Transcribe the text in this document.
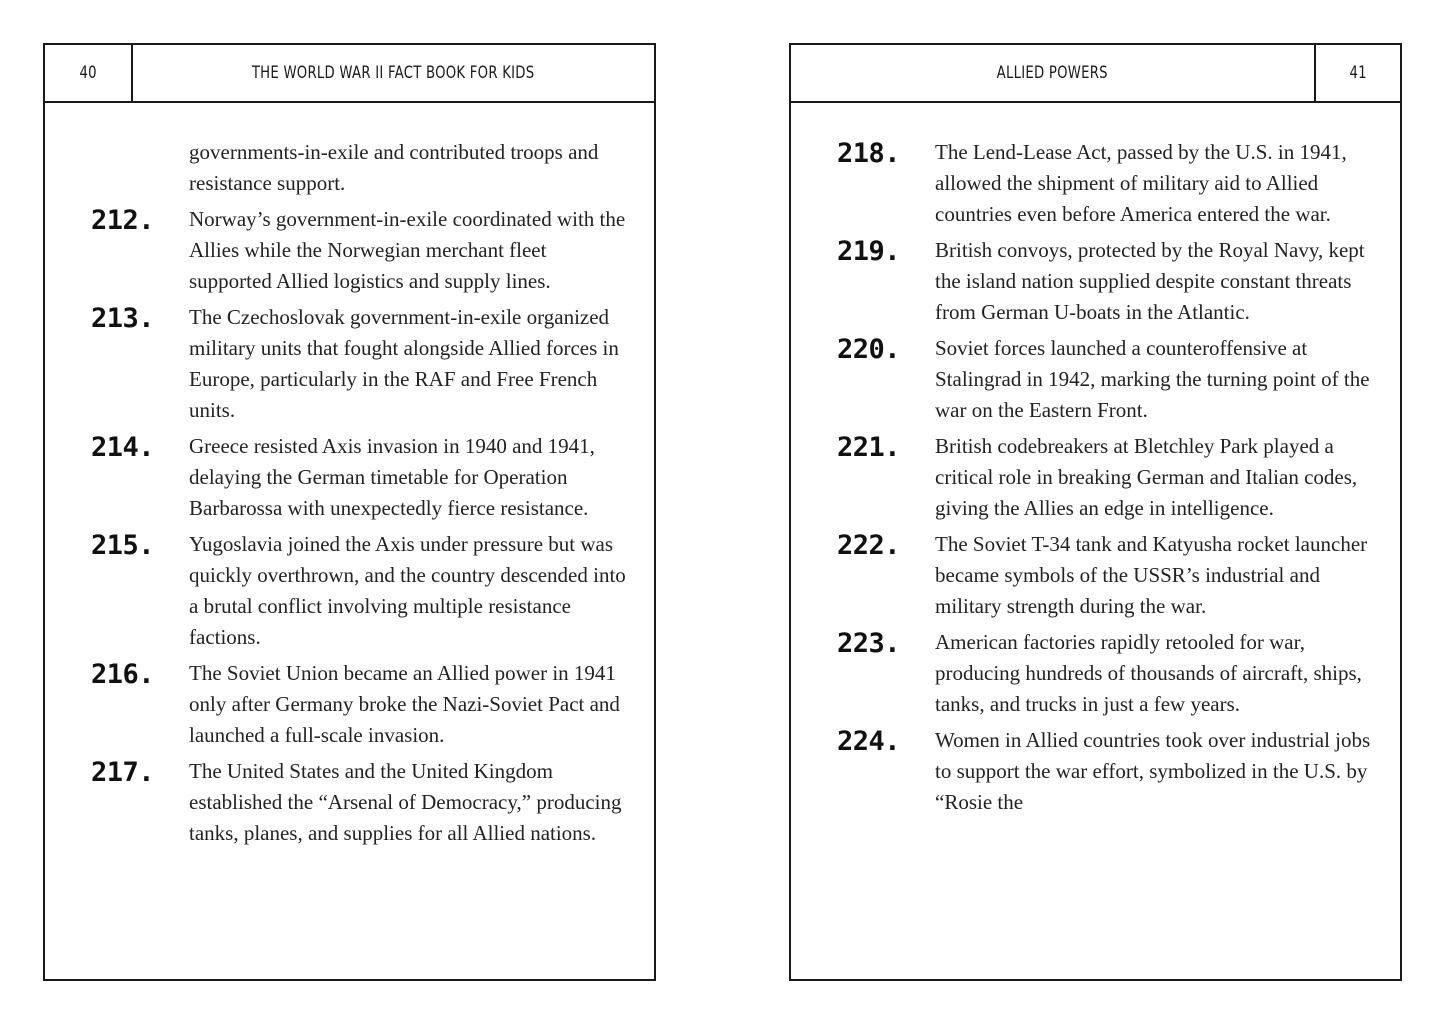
40	THE WORLD WAR II FACT BOOK FOR KIDS
governments-in-exile and contributed troops and resistance support.
212. Norway’s government-in-exile coordinated with the Allies while the Norwegian merchant fleet supported Allied logistics and supply lines.
213. The Czechoslovak government-in-exile organized military units that fought alongside Allied forces in Europe, particularly in the RAF and Free French units.
214. Greece resisted Axis invasion in 1940 and 1941, delaying the German timetable for Operation Barbarossa with unexpectedly fierce resistance.
215. Yugoslavia joined the Axis under pressure but was quickly overthrown, and the country descended into a brutal conflict involving multiple resistance factions.
216. The Soviet Union became an Allied power in 1941 only after Germany broke the Nazi-Soviet Pact and launched a full-scale invasion.
217. The United States and the United Kingdom established the “Arsenal of Democracy,” producing tanks, planes, and supplies for all Allied nations.
ALLIED POWERS	41
218. The Lend-Lease Act, passed by the U.S. in 1941, allowed the shipment of military aid to Allied countries even before America entered the war.
219. British convoys, protected by the Royal Navy, kept the island nation supplied despite constant threats from German U-boats in the Atlantic.
220. Soviet forces launched a counteroffensive at Stalingrad in 1942, marking the turning point of the war on the Eastern Front.
221. British codebreakers at Bletchley Park played a critical role in breaking German and Italian codes, giving the Allies an edge in intelligence.
222. The Soviet T-34 tank and Katyusha rocket launcher became symbols of the USSR’s industrial and military strength during the war.
223. American factories rapidly retooled for war, producing hundreds of thousands of aircraft, ships, tanks, and trucks in just a few years.
224. Women in Allied countries took over industrial jobs to support the war effort, symbolized in the U.S. by “Rosie the
